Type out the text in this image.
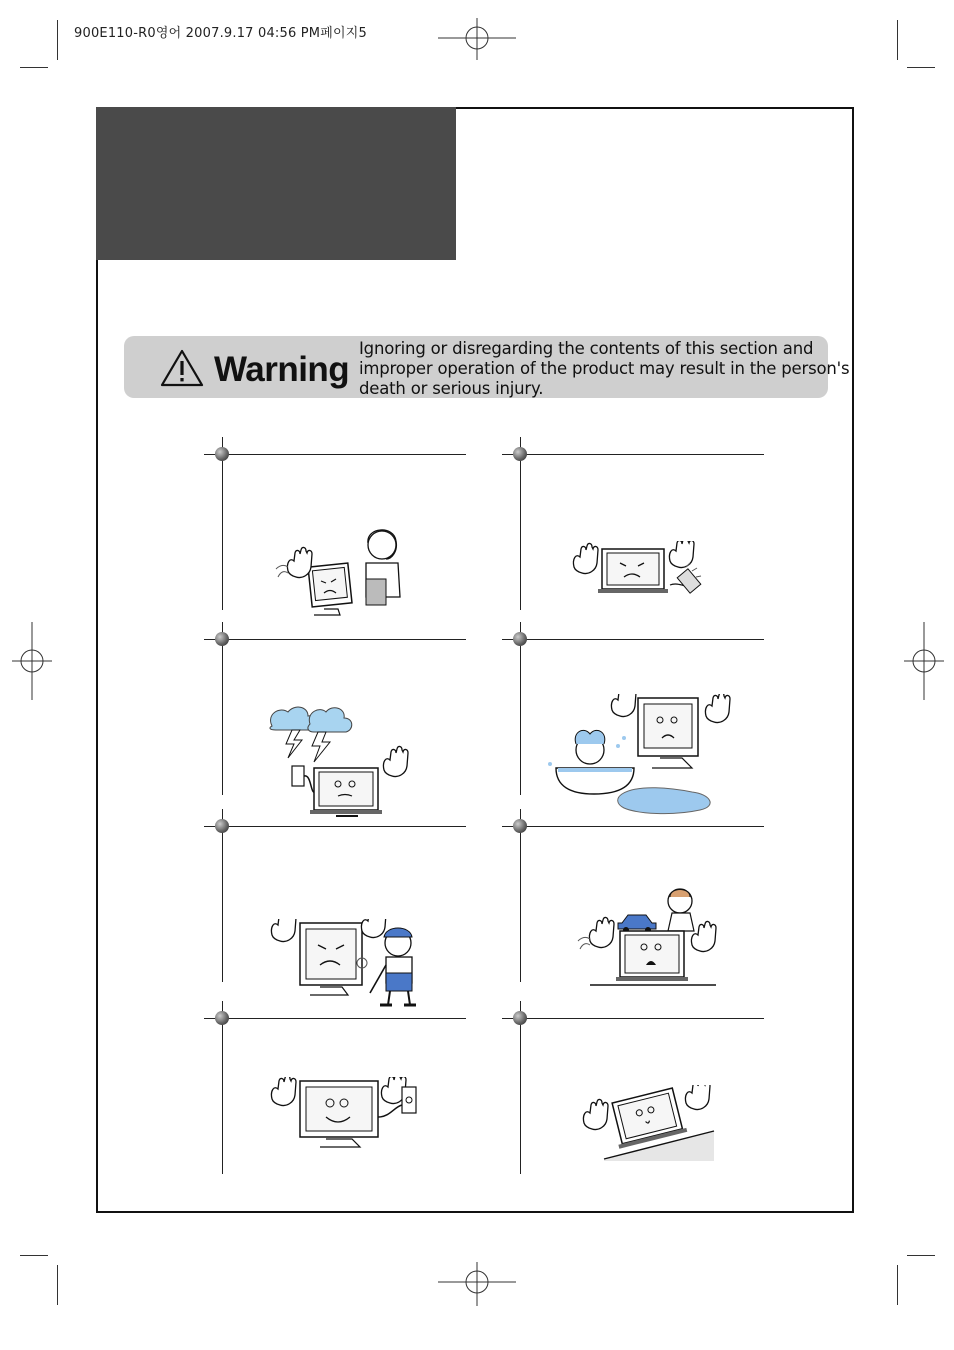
900E110-R0영어 2007.9.17 04:56 PM페이지5
Warning
Ignoring or disregarding the contents of this section and
improper operation of the product may result in the person's
death or serious injury.
